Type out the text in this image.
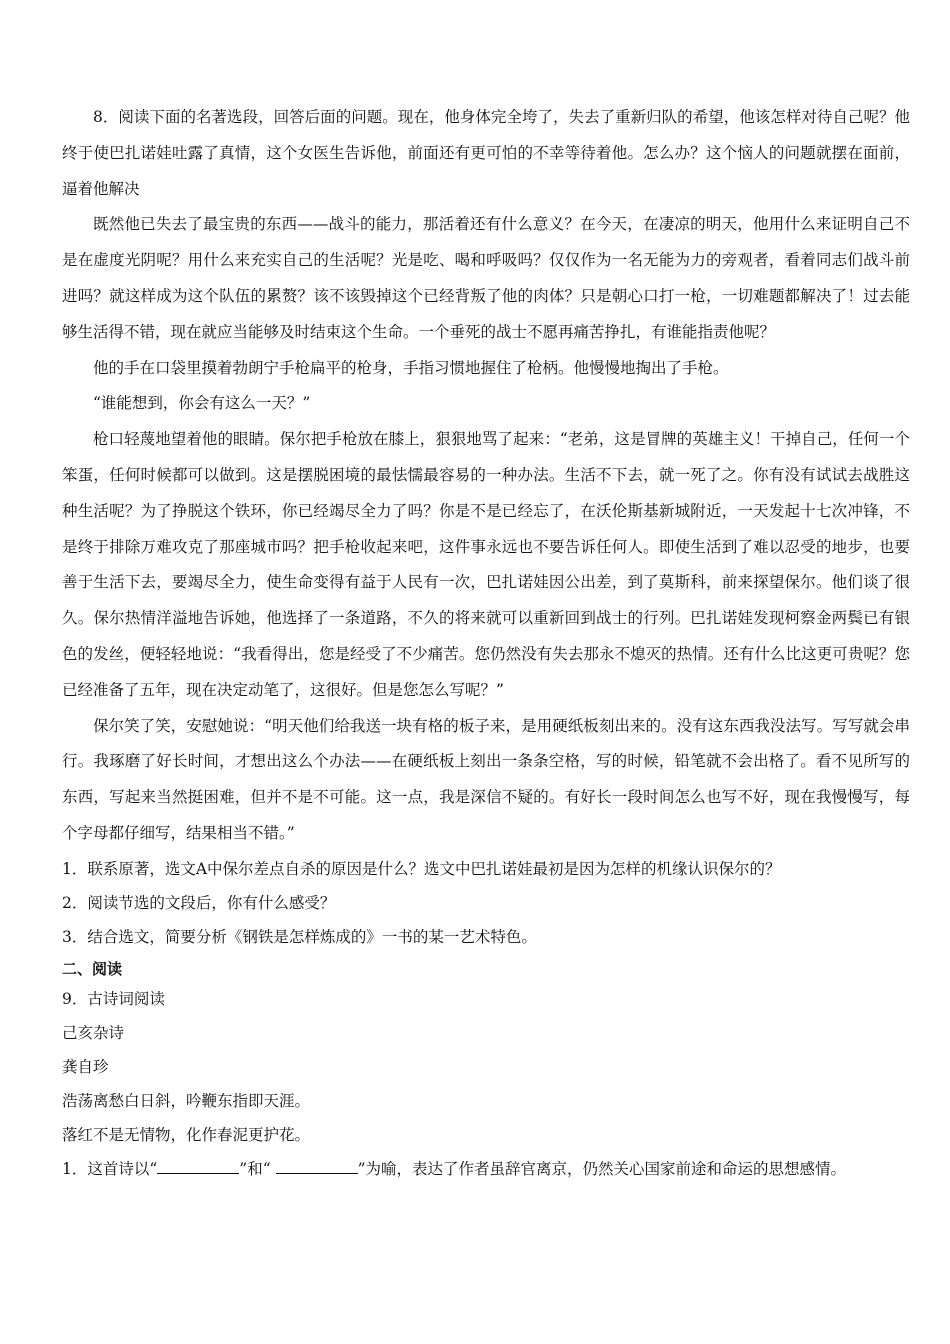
8．阅读下面的名著选段，回答后面的问题。现在，他身体完全垮了，失去了重新归队的希望，他该怎样对待自己呢？他终于使巴扎诺娃吐露了真情，这个女医生告诉他，前面还有更可怕的不幸等待着他。怎么办？这个恼人的问题就摆在面前，逼着他解决

既然他已失去了最宝贵的东西——战斗的能力，那活着还有什么意义？在今天，在凄凉的明天，他用什么来证明自己不是在虚度光阴呢？用什么来充实自己的生活呢？光是吃、喝和呼吸吗？仅仅作为一名无能为力的旁观者，看着同志们战斗前进吗？就这样成为这个队伍的累赘？该不该毁掉这个已经背叛了他的肉体？只是朝心口打一枪，一切难题都解决了！过去能够生活得不错，现在就应当能够及时结束这个生命。一个垂死的战士不愿再痛苦挣扎，有谁能指责他呢？

他的手在口袋里摸着勃朗宁手枪扁平的枪身，手指习惯地握住了枪柄。他慢慢地掏出了手枪。

“谁能想到，你会有这么一天？”

枪口轻蔑地望着他的眼睛。保尔把手枪放在膝上，狠狠地骂了起来：“老弟，这是冒牌的英雄主义！干掉自己，任何一个笨蛋，任何时候都可以做到。这是摆脱困境的最怯懦最容易的一种办法。生活不下去，就一死了之。你有没有试试去战胜这种生活呢？为了挣脱这个铁环，你已经竭尽全力了吗？你是不是已经忘了，在沃伦斯基新城附近，一天发起十七次冲锋，不是终于排除万难攻克了那座城市吗？把手枪收起来吧，这件事永远也不要告诉任何人。即使生活到了难以忍受的地步，也要善于生活下去，要竭尽全力，使生命变得有益于人民有一次，巴扎诺娃因公出差，到了莫斯科，前来探望保尔。他们谈了很久。保尔热情洋溢地告诉她，他选择了一条道路，不久的将来就可以重新回到战士的行列。巴扎诺娃发现柯察金两鬓已有银色的发丝，便轻轻地说：“我看得出，您是经受了不少痛苦。您仍然没有失去那永不熄灭的热情。还有什么比这更可贵呢？您已经准备了五年，现在决定动笔了，这很好。但是您怎么写呢？”

保尔笑了笑，安慰她说：“明天他们给我送一块有格的板子来，是用硬纸板刻出来的。没有这东西我没法写。写写就会串行。我琢磨了好长时间，才想出这么个办法——在硬纸板上刻出一条条空格，写的时候，铅笔就不会出格了。看不见所写的东西，写起来当然挺困难，但并不是不可能。这一点，我是深信不疑的。有好长一段时间怎么也写不好，现在我慢慢写，每个字母都仔细写，结果相当不错。”

1．联系原著，选文A中保尔差点自杀的原因是什么？选文中巴扎诺娃最初是因为怎样的机缘认识保尔的？

2．阅读节选的文段后，你有什么感受？

3．结合选文，简要分析《钢铁是怎样炼成的》一书的某一艺术特色。

二、阅读

9．古诗词阅读

己亥杂诗

龚自珍

浩荡离愁白日斜，吟鞭东指即天涯。

落红不是无情物，化作春泥更护花。

1．这首诗以“	”和“	”为喻，表达了作者虽辞官离京，仍然关心国家前途和命运的思想感情。
